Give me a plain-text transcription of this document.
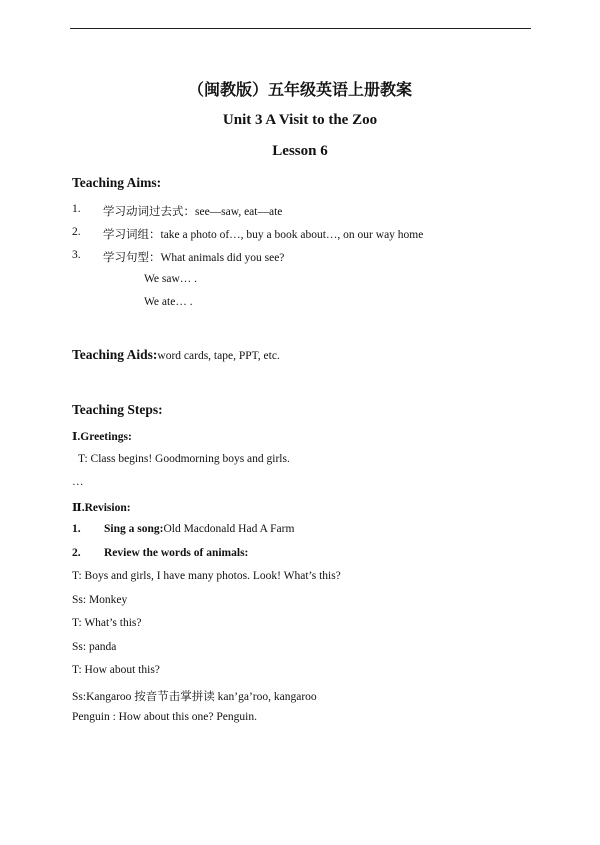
（闽教版）五年级英语上册教案
Unit 3 A Visit to the Zoo
Lesson 6
Teaching Aims:
1. 学习动词过去式：see—saw, eat—ate
2. 学习词组：take a photo of…, buy a book about…, on our way home
3. 学习句型：What animals did you see?
We saw… .
We ate… .
Teaching Aids:word cards, tape, PPT, etc.
Teaching Steps:
Ⅰ.Greetings:
T: Class begins! Goodmorning boys and girls.
…
Ⅱ.Revision:
1. Sing a song:Old Macdonald Had A Farm
2. Review the words of animals:
T: Boys and girls, I have many photos. Look! What’s this?
Ss: Monkey
T: What’s this?
Ss: panda
T: How about this?
Ss:Kangaroo 按音节击掌拼读 kan’ga’roo, kangaroo
Penguin : How about this one? Penguin.
